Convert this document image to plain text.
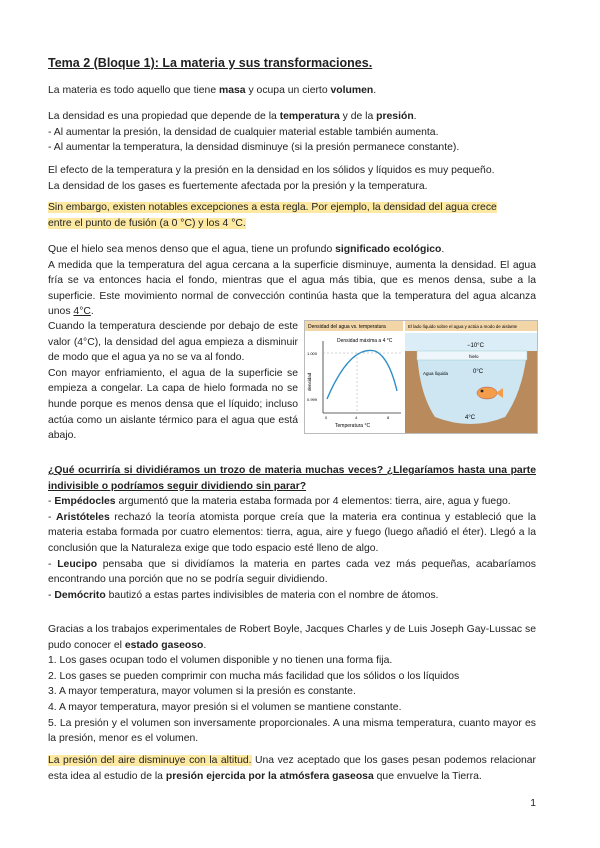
Tema 2 (Bloque 1): La materia y sus transformaciones.

La materia es todo aquello que tiene masa y ocupa un cierto volumen.

La densidad es una propiedad que depende de la temperatura y de la presión.

- Al aumentar la presión, la densidad de cualquier material estable también aumenta.

- Al aumentar la temperatura, la densidad disminuye (si la presión permanece constante).

El efecto de la temperatura y la presión en la densidad en los sólidos y líquidos es muy pequeño.

La densidad de los gases es fuertemente afectada por la presión y la temperatura.

Sin embargo, existen notables excepciones a esta regla. Por ejemplo, la densidad del agua crece

entre el punto de fusión (a 0 °C) y los 4 °C.

Que el hielo sea menos denso que el agua, tiene un profundo significado ecológico.

A medida que la temperatura del agua cercana a la superficie disminuye, aumenta la densidad. El agua fría se va entonces hacia el fondo, mientras que el agua más tibia, que es menos densa, sube a la superficie. Este movimiento normal de convección continúa hasta que la temperatura del agua alcanza unos 4°C.

Cuando la temperatura desciende por debajo de este valor (4°C), la densidad del agua empieza a disminuir de modo que el agua ya no se va al fondo.

Con mayor enfriamiento, el agua de la superficie se empieza a congelar. La capa de hielo formada no se hunde porque es menos densa que el líquido; incluso actúa como un aislante térmico para el agua que está abajo.

Densidad del agua vs. temperatura	El lado líquido sobre el agua y actúa a modo de aislante
Densidad máxima a 4 °C
densidad
1.000
0.999
0	4	8
Temperatura °C
−10°C
hielo
Agua líquida	0°C
4°C

¿Qué ocurriría si dividiéramos un trozo de materia muchas veces? ¿Llegaríamos hasta una parte indivisible o podríamos seguir dividiendo sin parar?

- Empédocles argumentó que la materia estaba formada por 4 elementos: tierra, aire, agua y fuego.

- Aristóteles rechazó la teoría atomista porque creía que la materia era continua y estableció que la materia estaba formada por cuatro elementos: tierra, agua, aire y fuego (luego añadió el éter). Llegó a la conclusión que la Naturaleza exige que todo espacio esté lleno de algo.

- Leucipo pensaba que si dividíamos la materia en partes cada vez más pequeñas, acabaríamos encontrando una porción que no se podría seguir dividiendo.

- Demócrito bautizó a estas partes indivisibles de materia con el nombre de átomos.

Gracias a los trabajos experimentales de Robert Boyle, Jacques Charles y de Luis Joseph Gay-Lussac se pudo conocer el estado gaseoso.

1. Los gases ocupan todo el volumen disponible y no tienen una forma fija.

2. Los gases se pueden comprimir con mucha más facilidad que los sólidos o los líquidos

3. A mayor temperatura, mayor volumen si la presión es constante.

4. A mayor temperatura, mayor presión si el volumen se mantiene constante.

5. La presión y el volumen son inversamente proporcionales. A una misma temperatura, cuanto mayor es la presión, menor es el volumen.

La presión del aire disminuye con la altitud. Una vez aceptado que los gases pesan podemos relacionar esta idea al estudio de la presión ejercida por la atmósfera gaseosa que envuelve la Tierra.

1
